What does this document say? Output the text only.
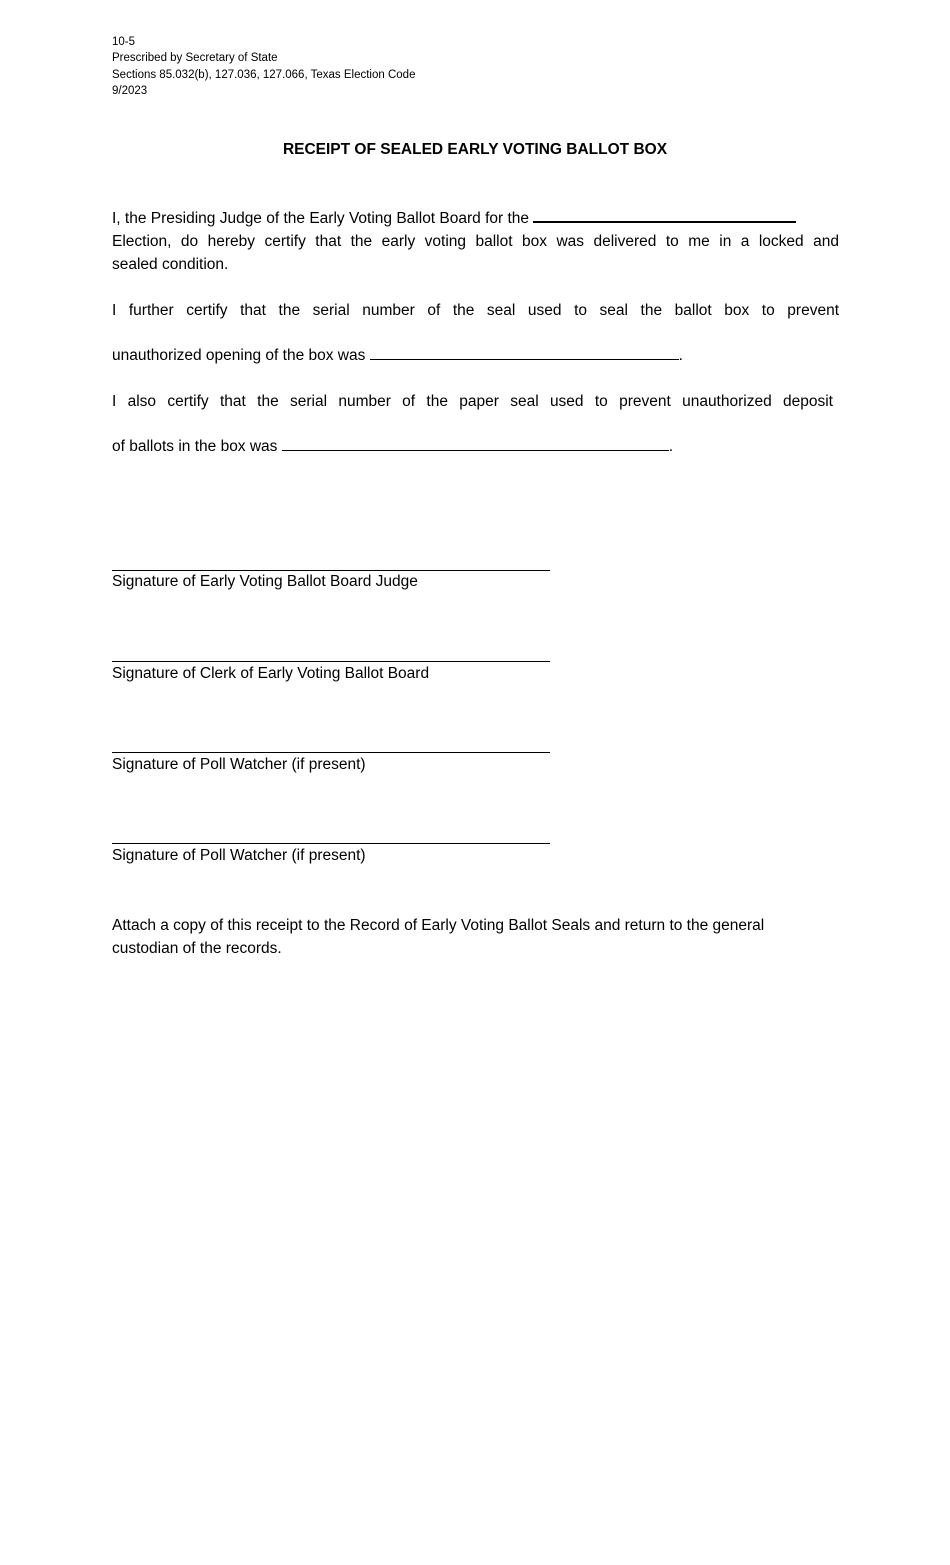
10-5
Prescribed by Secretary of State
Sections 85.032(b), 127.036, 127.066, Texas Election Code
9/2023
RECEIPT OF SEALED EARLY VOTING BALLOT BOX
I, the Presiding Judge of the Early Voting Ballot Board for the
Election, do hereby certify that the early voting ballot box was delivered to me in a locked and
sealed condition.
I further certify that the serial number of the seal used to seal the ballot box to prevent
unauthorized opening of the box was	.
I also certify that the serial number of the paper seal used to prevent unauthorized deposit
of ballots in the box was	.
Signature of Early Voting Ballot Board Judge
Signature of Clerk of Early Voting Ballot Board
Signature of Poll Watcher (if present)
Signature of Poll Watcher (if present)
Attach a copy of this receipt to the Record of Early Voting Ballot Seals and return to the general
custodian of the records.
